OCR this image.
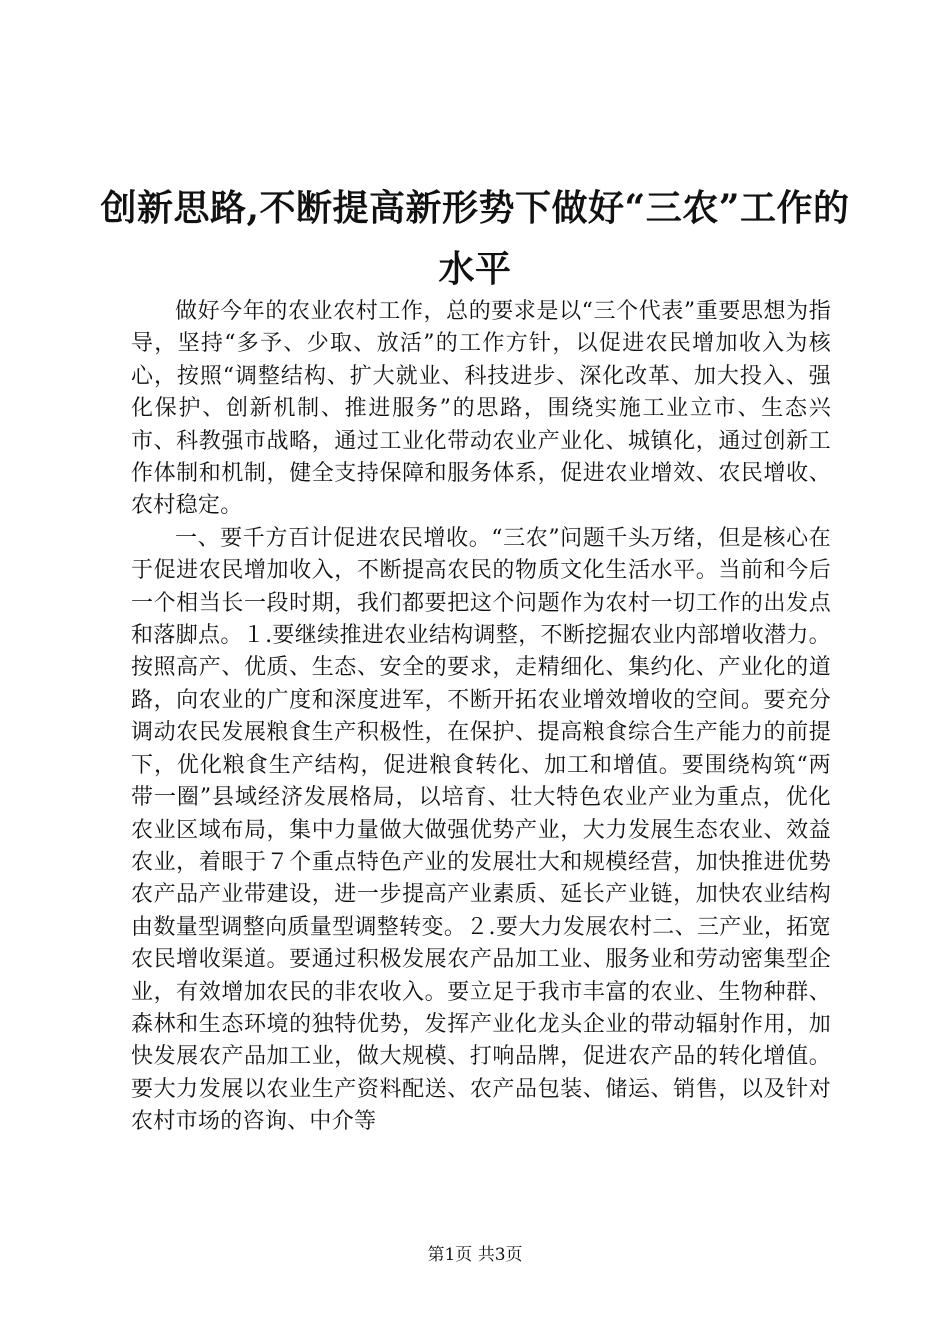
创新思路,不断提高新形势下做好“三农”工作的水平

做好今年的农业农村工作，总的要求是以“三个代表”重要思想为指导，坚持“多予、少取、放活”的工作方针，以促进农民增加收入为核心，按照“调整结构、扩大就业、科技进步、深化改革、加大投入、强化保护、创新机制、推进服务”的思路，围绕实施工业立市、生态兴市、科教强市战略，通过工业化带动农业产业化、城镇化，通过创新工作体制和机制，健全支持保障和服务体系，促进农业增效、农民增收、农村稳定。

一、要千方百计促进农民增收。“三农”问题千头万绪，但是核心在于促进农民增加收入，不断提高农民的物质文化生活水平。当前和今后一个相当长一段时期，我们都要把这个问题作为农村一切工作的出发点和落脚点。１.要继续推进农业结构调整，不断挖掘农业内部增收潜力。按照高产、优质、生态、安全的要求，走精细化、集约化、产业化的道路，向农业的广度和深度进军，不断开拓农业增效增收的空间。要充分调动农民发展粮食生产积极性，在保护、提高粮食综合生产能力的前提下，优化粮食生产结构，促进粮食转化、加工和增值。要围绕构筑“两带一圈”县域经济发展格局，以培育、壮大特色农业产业为重点，优化农业区域布局，集中力量做大做强优势产业，大力发展生态农业、效益农业，着眼于７个重点特色产业的发展壮大和规模经营，加快推进优势农产品产业带建设，进一步提高产业素质、延长产业链，加快农业结构由数量型调整向质量型调整转变。２.要大力发展农村二、三产业，拓宽农民增收渠道。要通过积极发展农产品加工业、服务业和劳动密集型企业，有效增加农民的非农收入。要立足于我市丰富的农业、生物种群、森林和生态环境的独特优势，发挥产业化龙头企业的带动辐射作用，加快发展农产品加工业，做大规模、打响品牌，促进农产品的转化增值。要大力发展以农业生产资料配送、农产品包装、储运、销售，以及针对农村市场的咨询、中介等

第1页 共3页
